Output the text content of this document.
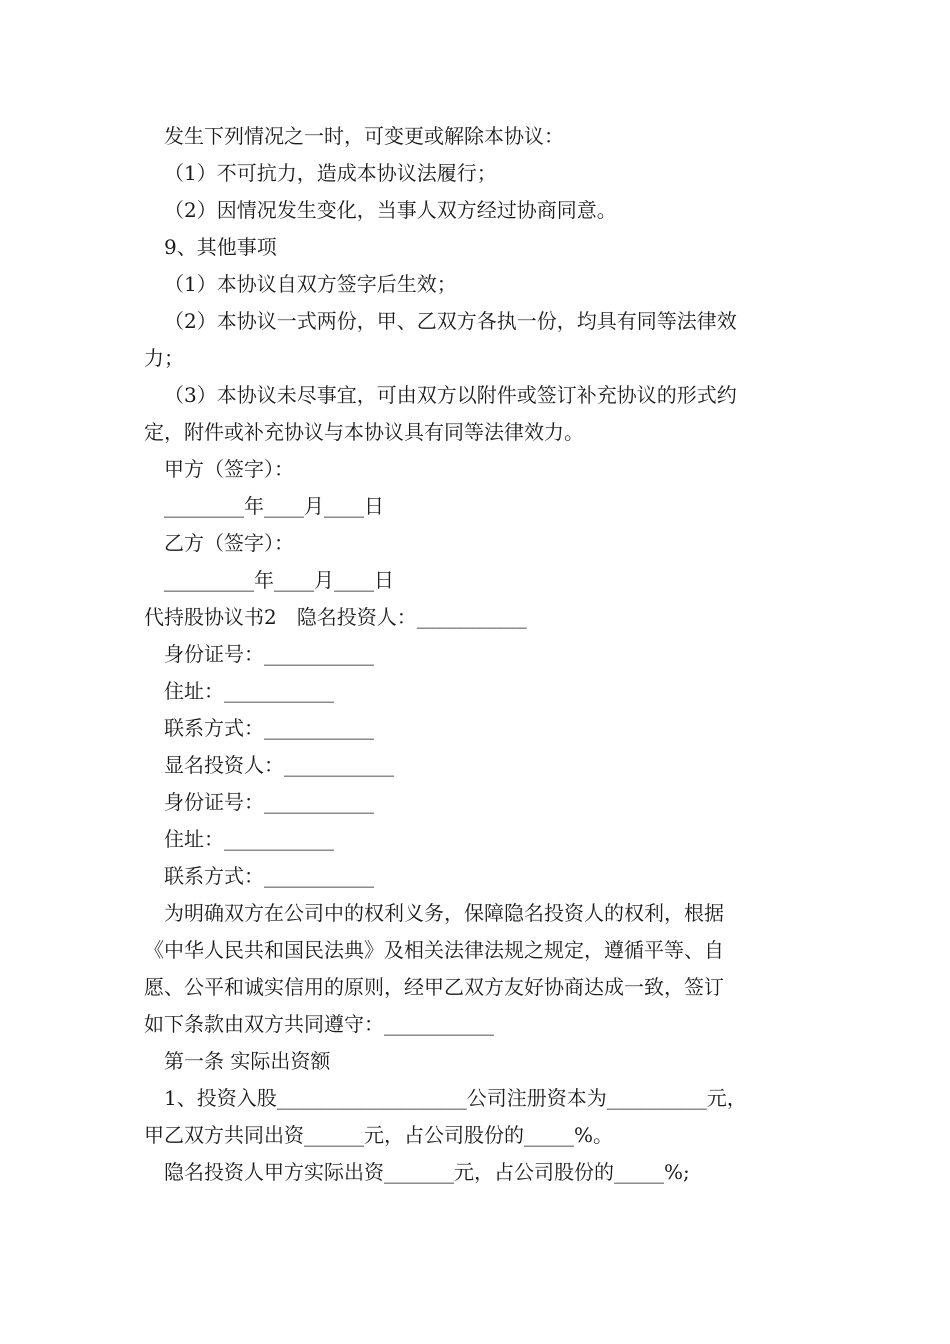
发生下列情况之一时，可变更或解除本协议：
（1）不可抗力，造成本协议法履行；
（2）因情况发生变化，当事人双方经过协商同意。
9、其他事项
（1）本协议自双方签字后生效；
（2）本协议一式两份，甲、乙双方各执一份，均具有同等法律效
力；
（3）本协议未尽事宜，可由双方以附件或签订补充协议的形式约
定，附件或补充协议与本协议具有同等法律效力。
甲方（签字）：
________年____月____日
乙方（签字）：
_________年____月____日
代持股协议书2　隐名投资人：___________
身份证号：___________
住址：___________
联系方式：___________
显名投资人：___________
身份证号：___________
住址：___________
联系方式：___________
为明确双方在公司中的权利义务，保障隐名投资人的权利，根据
《中华人民共和国民法典》及相关法律法规之规定，遵循平等、自
愿、公平和诚实信用的原则，经甲乙双方友好协商达成一致，签订
如下条款由双方共同遵守：___________
第一条 实际出资额
1、投资入股___________________公司注册资本为__________元，
甲乙双方共同出资______元，占公司股份的_____%。
隐名投资人甲方实际出资_______元，占公司股份的_____%;
